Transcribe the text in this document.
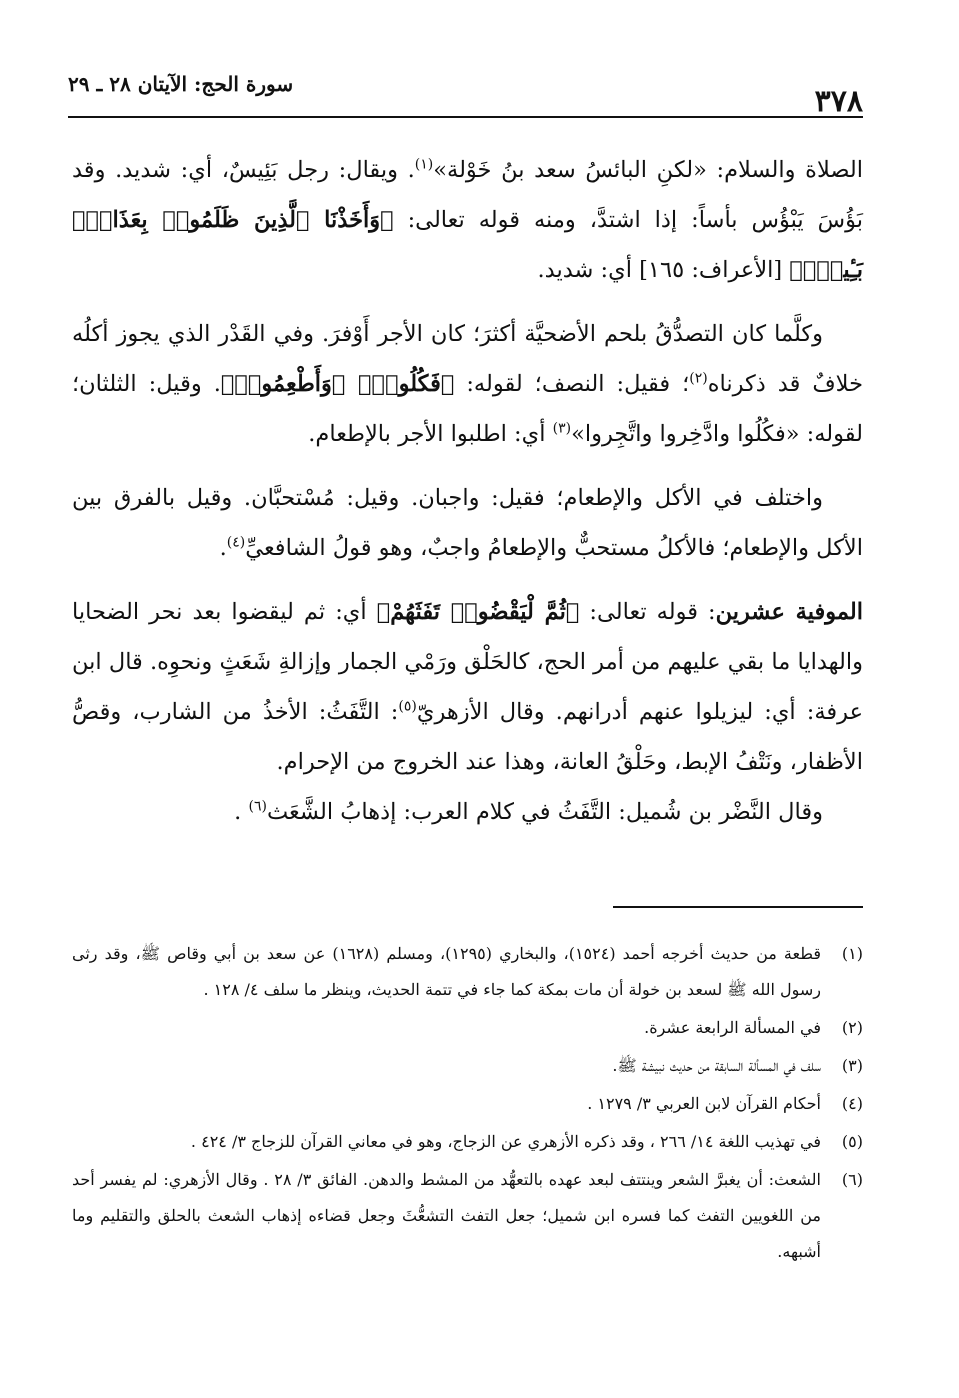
٣٧٨
سورة الحج: الآيتان ٢٨ ـ ٢٩

الصلاة والسلام: «لكنِ البائسُ سعد بنُ خَوْلة»$^{(١)}$. ويقال: رجل بَئِيسٌ، أي: شديد. وقد بَؤُسَ يَبْؤُس بأساً: إذا اشتدَّ، ومنه قوله تعالى: ﴿وَأَخَذْنَا ٱلَّذِينَ ظَلَمُوا۟ بِعَذَابٍۭ بَـِٔيسٍۭ﴾ [الأعراف: ١٦٥] أي: شديد.

وكلَّما كان التصدُّقُ بلحم الأضحيَّة أكثرَ؛ كان الأجر أَوْفرَ. وفي القَدْر الذي يجوز أكلُه خلافٌ قد ذكرناه$^{(٢)}$؛ فقيل: النصف؛ لقوله: ﴿فَكُلُوا۟﴾ ﴿وَأَطْعِمُوا۟﴾. وقيل: الثلثان؛ لقوله: «فكُلُوا وادَّخِروا واتَّجِروا»$^{(٣)}$ أي: اطلبوا الأجر بالإطعام.

واختلف في الأكل والإطعام؛ فقيل: واجبان. وقيل: مُسْتحبَّان. وقيل بالفرق بين الأكل والإطعام؛ فالأكلُ مستحبٌّ والإطعامُ واجبٌ، وهو قولُ الشافعيِّ$^{(٤)}$.

الموفية عشرين: قوله تعالى: ﴿ثُمَّ لْيَقْضُوا۟ تَفَثَهُمْ﴾ أي: ثم ليقضوا بعد نحر الضحايا والهدايا ما بقي عليهم من أمر الحج، كالحَلْق ورَمْي الجمار وإزالةِ شَعَثٍ ونحوِه. قال ابن عرفة: أي: ليزيلوا عنهم أدرانهم. وقال الأزهريّ$^{(٥)}$: التَّفَثُ: الأخذُ من الشارب، وقصُّ الأظفار، ونَتْفُ الإبط، وحَلْقُ العانة، وهذا عند الخروج من الإحرام.

وقال النَّضْر بن شُميل: التَّفَثُ في كلام العرب: إذهابُ الشَّعَث$^{(٦)}$ .

(١)
قطعة من حديث أخرجه أحمد (١٥٢٤)، والبخاري (١٢٩٥)، ومسلم (١٦٢٨) عن سعد بن أبي وقاص ﷺ، وقد رثى رسول الله ﷺ لسعد بن خولة أن مات بمكة كما جاء في تتمة الحديث، وينظر ما سلف ٤/ ١٢٨ .

(٢)
في المسألة الرابعة عشرة.

(٣)
سلف في المسألة السابقة من حديث نبيشة ﷺ.

(٤)
أحكام القرآن لابن العربي ٣/ ١٢٧٩ .

(٥)
في تهذيب اللغة ١٤/ ٢٦٦ ، وقد ذكره الأزهري عن الزجاج، وهو في معاني القرآن للزجاج ٣/ ٤٢٤ .

(٦)
الشعث: أن يغبرَّ الشعر وينتتف لبعد عهده بالتعهُّد من المشط والدهن. الفائق ٣/ ٢٨ . وقال الأزهري: لم يفسر أحد من اللغويين التفث كما فسره ابن شميل؛ جعل التفث التشعُّثَ وجعل قضاءه إذهاب الشعث بالحلق والتقليم وما أشبهه.
